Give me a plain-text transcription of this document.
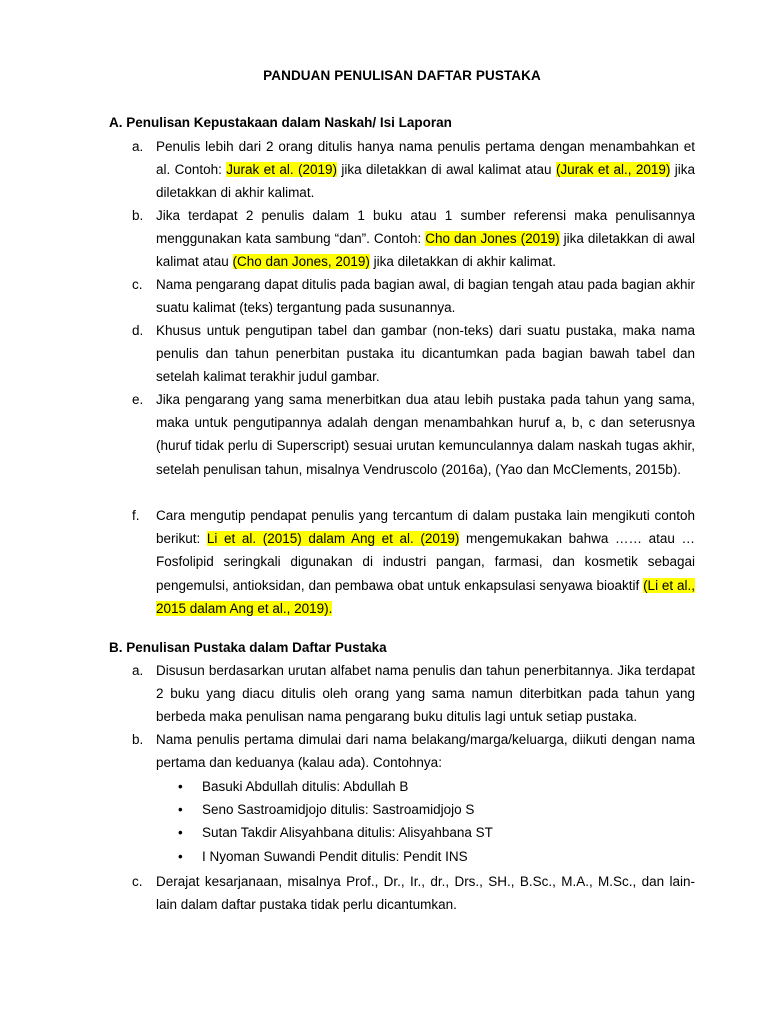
PANDUAN PENULISAN DAFTAR PUSTAKA
A. Penulisan Kepustakaan dalam Naskah/ Isi Laporan
a. Penulis lebih dari 2 orang ditulis hanya nama penulis pertama dengan menambahkan et al. Contoh: Jurak et al. (2019) jika diletakkan di awal kalimat atau (Jurak et al., 2019) jika diletakkan di akhir kalimat.
b. Jika terdapat 2 penulis dalam 1 buku atau 1 sumber referensi maka penulisannya menggunakan kata sambung “dan”. Contoh: Cho dan Jones (2019) jika diletakkan di awal kalimat atau (Cho dan Jones, 2019) jika diletakkan di akhir kalimat.
c. Nama pengarang dapat ditulis pada bagian awal, di bagian tengah atau pada bagian akhir suatu kalimat (teks) tergantung pada susunannya.
d. Khusus untuk pengutipan tabel dan gambar (non-teks) dari suatu pustaka, maka nama penulis dan tahun penerbitan pustaka itu dicantumkan pada bagian bawah tabel dan setelah kalimat terakhir judul gambar.
e. Jika pengarang yang sama menerbitkan dua atau lebih pustaka pada tahun yang sama, maka untuk pengutipannya adalah dengan menambahkan huruf a, b, c dan seterusnya (huruf tidak perlu di Superscript) sesuai urutan kemunculannya dalam naskah tugas akhir, setelah penulisan tahun, misalnya Vendruscolo (2016a), (Yao dan McClements, 2015b).
f. Cara mengutip pendapat penulis yang tercantum di dalam pustaka lain mengikuti contoh berikut: Li et al. (2015) dalam Ang et al. (2019) mengemukakan bahwa …… atau … Fosfolipid seringkali digunakan di industri pangan, farmasi, dan kosmetik sebagai pengemulsi, antioksidan, dan pembawa obat untuk enkapsulasi senyawa bioaktif (Li et al., 2015 dalam Ang et al., 2019).
B. Penulisan Pustaka dalam Daftar Pustaka
a. Disusun berdasarkan urutan alfabet nama penulis dan tahun penerbitannya. Jika terdapat 2 buku yang diacu ditulis oleh orang yang sama namun diterbitkan pada tahun yang berbeda maka penulisan nama pengarang buku ditulis lagi untuk setiap pustaka.
b. Nama penulis pertama dimulai dari nama belakang/marga/keluarga, diikuti dengan nama pertama dan keduanya (kalau ada). Contohnya:
• Basuki Abdullah ditulis: Abdullah B
• Seno Sastroamidjojo ditulis: Sastroamidjojo S
• Sutan Takdir Alisyahbana ditulis: Alisyahbana ST
• I Nyoman Suwandi Pendit ditulis: Pendit INS
c. Derajat kesarjanaan, misalnya Prof., Dr., Ir., dr., Drs., SH., B.Sc., M.A., M.Sc., dan lain-lain dalam daftar pustaka tidak perlu dicantumkan.
